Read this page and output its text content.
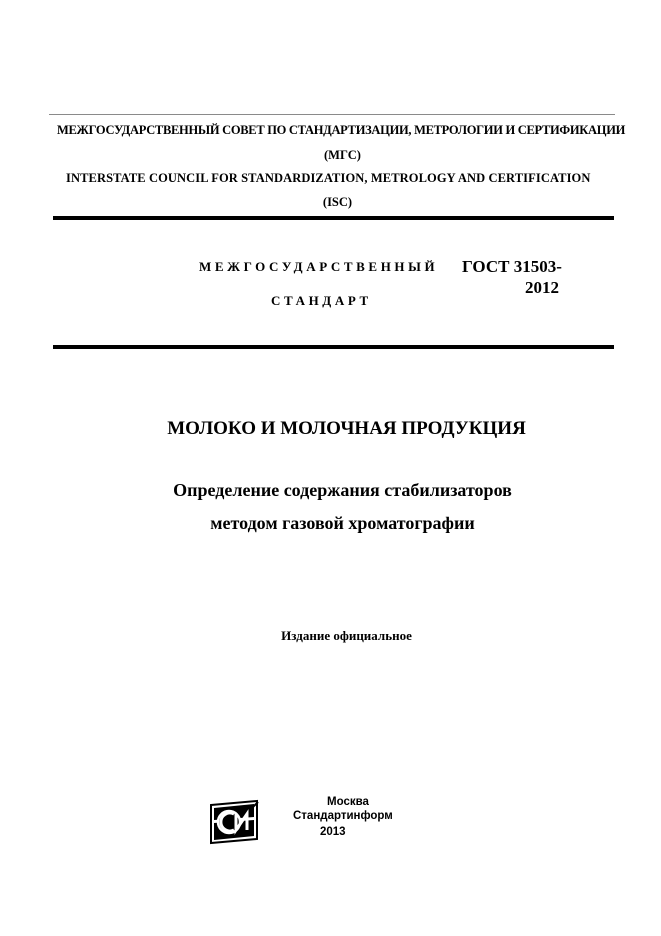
МЕЖГОСУДАРСТВЕННЫЙ СОВЕТ ПО СТАНДАРТИЗАЦИИ, МЕТРОЛОГИИ И СЕРТИФИКАЦИИ
(МГС)
INTERSTATE COUNCIL FOR STANDARDIZATION, METROLOGY AND CERTIFICATION
(ISC)
МЕЖГОСУДАРСТВЕННЫЙ
СТАНДАРТ
ГОСТ 31503-
2012
МОЛОКО И МОЛОЧНАЯ ПРОДУКЦИЯ
Определение содержания стабилизаторов
методом газовой хроматографии
Издание официальное
Москва
Стандартинформ
2013
